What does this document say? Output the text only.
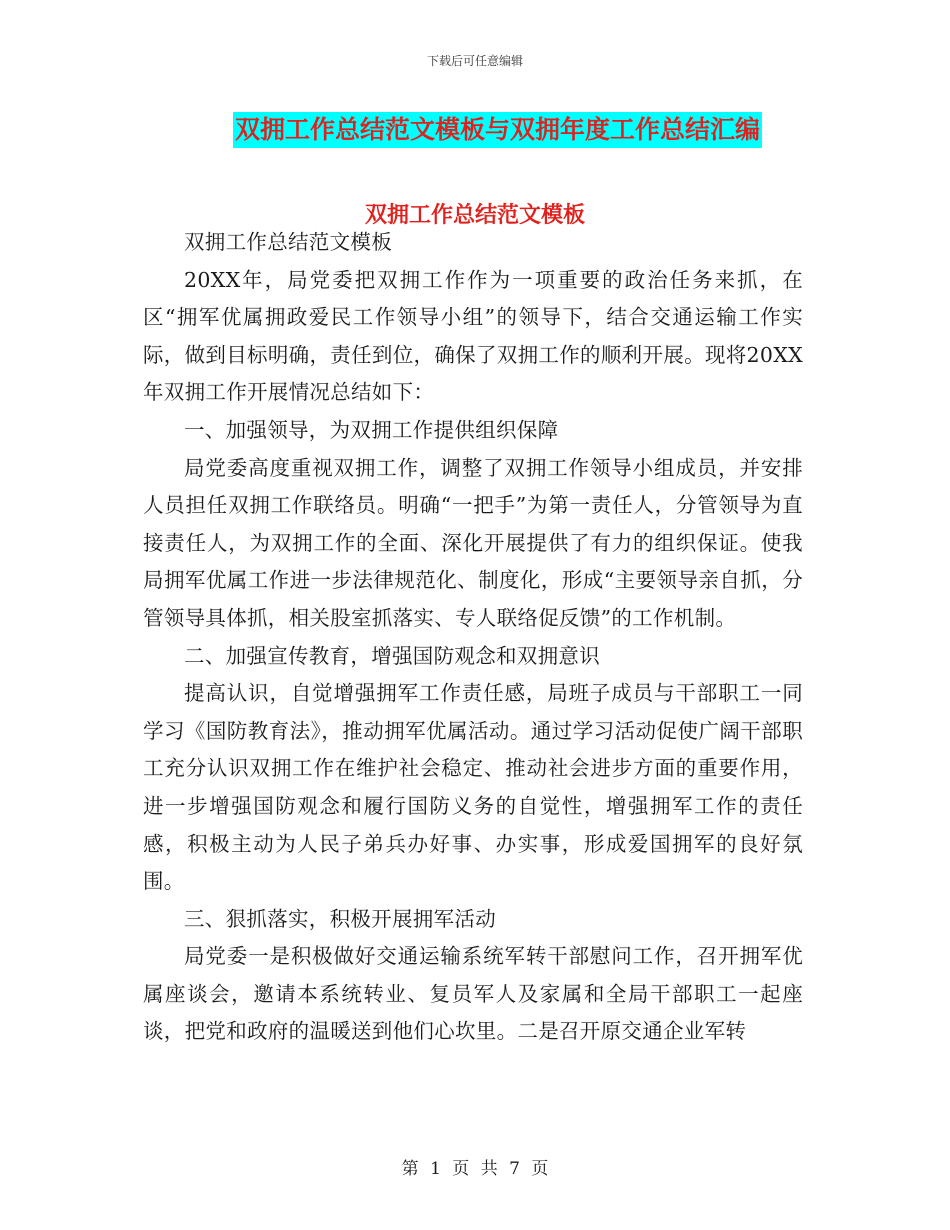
下载后可任意编辑
双拥工作总结范文模板与双拥年度工作总结汇编
双拥工作总结范文模板

双拥工作总结范文模板

20XX年，局党委把双拥工作作为一项重要的政治任务来抓，在区“拥军优属拥政爱民工作领导小组”的领导下，结合交通运输工作实际，做到目标明确，责任到位，确保了双拥工作的顺利开展。现将20XX年双拥工作开展情况总结如下：

一、加强领导，为双拥工作提供组织保障

局党委高度重视双拥工作，调整了双拥工作领导小组成员，并安排人员担任双拥工作联络员。明确“一把手”为第一责任人，分管领导为直接责任人，为双拥工作的全面、深化开展提供了有力的组织保证。使我局拥军优属工作进一步法律规范化、制度化，形成“主要领导亲自抓，分管领导具体抓，相关股室抓落实、专人联络促反馈”的工作机制。

二、加强宣传教育，增强国防观念和双拥意识

提高认识，自觉增强拥军工作责任感，局班子成员与干部职工一同学习《国防教育法》，推动拥军优属活动。通过学习活动促使广阔干部职工充分认识双拥工作在维护社会稳定、推动社会进步方面的重要作用，进一步增强国防观念和履行国防义务的自觉性，增强拥军工作的责任感，积极主动为人民子弟兵办好事、办实事，形成爱国拥军的良好氛围。

三、狠抓落实，积极开展拥军活动

局党委一是积极做好交通运输系统军转干部慰问工作，召开拥军优属座谈会，邀请本系统转业、复员军人及家属和全局干部职工一起座谈，把党和政府的温暖送到他们心坎里。二是召开原交通企业军转

第 1 页 共 7 页
